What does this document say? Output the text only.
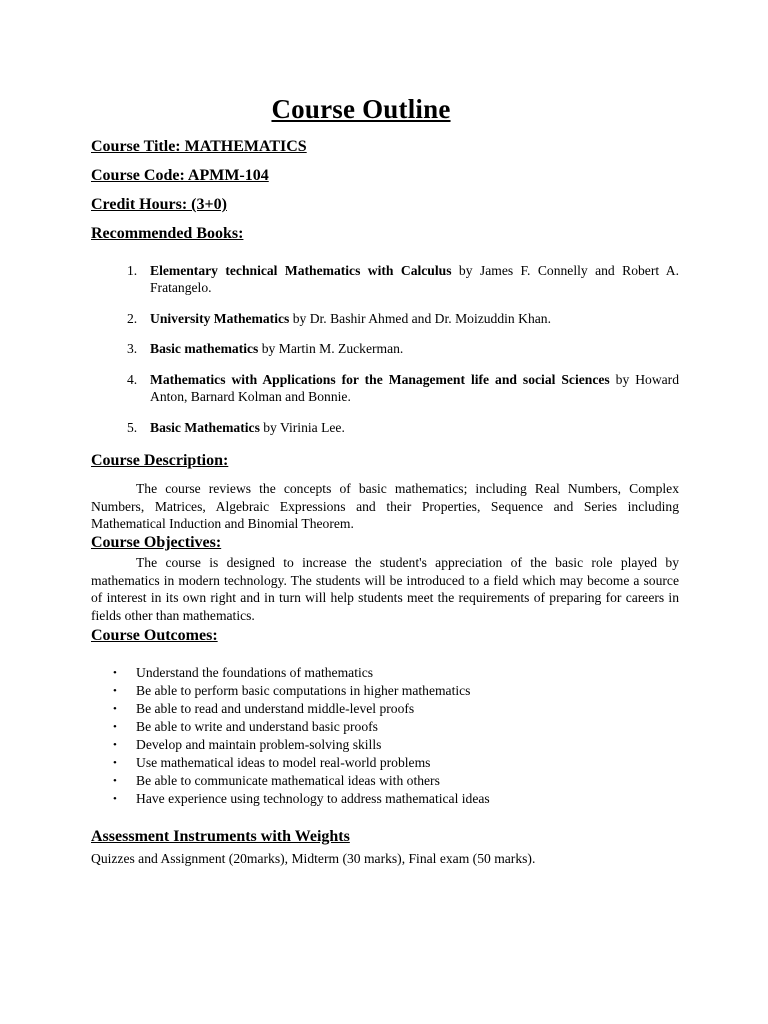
Course Outline
Course Title: MATHEMATICS
Course Code: APMM-104
Credit Hours: (3+0)
Recommended Books:
1. Elementary technical Mathematics with Calculus by James F. Connelly and Robert A. Fratangelo.
2. University Mathematics by Dr. Bashir Ahmed and Dr. Moizuddin Khan.
3. Basic mathematics by Martin M. Zuckerman.
4. Mathematics with Applications for the Management life and social Sciences by Howard Anton, Barnard Kolman and Bonnie.
5. Basic Mathematics by Virinia Lee.
Course Description:

The course reviews the concepts of basic mathematics; including Real Numbers, Complex Numbers, Matrices, Algebraic Expressions and their Properties, Sequence and Series including Mathematical Induction and Binomial Theorem.

Course Objectives:

The course is designed to increase the student's appreciation of the basic role played by mathematics in modern technology. The students will be introduced to a field which may become a source of interest in its own right and in turn will help students meet the requirements of preparing for careers in fields other than mathematics.

Course Outcomes:
• Understand the foundations of mathematics
• Be able to perform basic computations in higher mathematics
• Be able to read and understand middle-level proofs
• Be able to write and understand basic proofs
• Develop and maintain problem-solving skills
• Use mathematical ideas to model real-world problems
• Be able to communicate mathematical ideas with others
• Have experience using technology to address mathematical ideas
Assessment Instruments with Weights
Quizzes and Assignment (20marks), Midterm (30 marks), Final exam (50 marks).
